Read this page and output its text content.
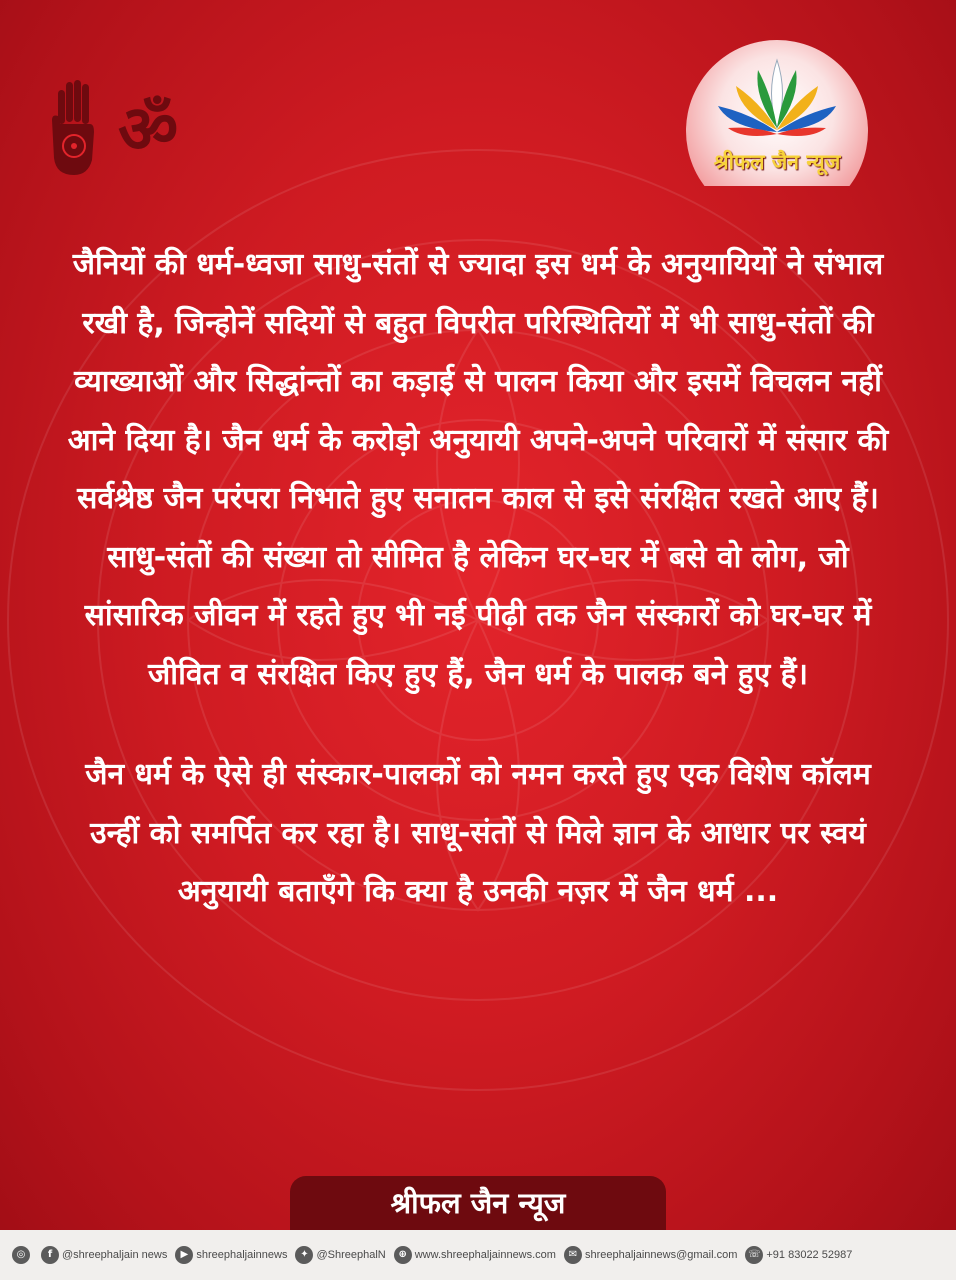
ॐ	श्रीफल जैन न्यूज

जैनियों की धर्म-ध्वजा साधु-संतों से ज्यादा इस धर्म के अनुयायियों ने संभाल रखी है, जिन्होनें सदियों से बहुत विपरीत परिस्थितियों में भी साधु-संतों की व्याख्याओं और सिद्धांन्तों का कड़ाई से पालन किया और इसमें विचलन नहीं आने दिया है। जैन धर्म के करोड़ो अनुयायी अपने-अपने परिवारों में संसार की सर्वश्रेष्ठ जैन परंपरा निभाते हुए सनातन काल से इसे संरक्षित रखते आए हैं। साधु-संतों की संख्या तो सीमित है लेकिन घर-घर में बसे वो लोग, जो सांसारिक जीवन में रहते हुए भी नई पीढ़ी तक जैन संस्कारों को घर-घर में जीवित व संरक्षित किए हुए हैं, जैन धर्म के पालक बने हुए हैं।

जैन धर्म के ऐसे ही संस्कार-पालकों को नमन करते हुए एक विशेष कॉलम उन्हीं को समर्पित कर रहा है। साधू-संतों से मिले ज्ञान के आधार पर स्वयं अनुयायी बताएँगे कि क्या है उनकी नज़र में जैन धर्म ...

श्रीफल जैन न्यूज
◎	f @shreephaljain news	▶ shreephaljainnews	✦ @ShreephalN	⊕ www.shreephaljainnews.com	✉ shreephaljainnews@gmail.com ☏ +91 83022 52987
